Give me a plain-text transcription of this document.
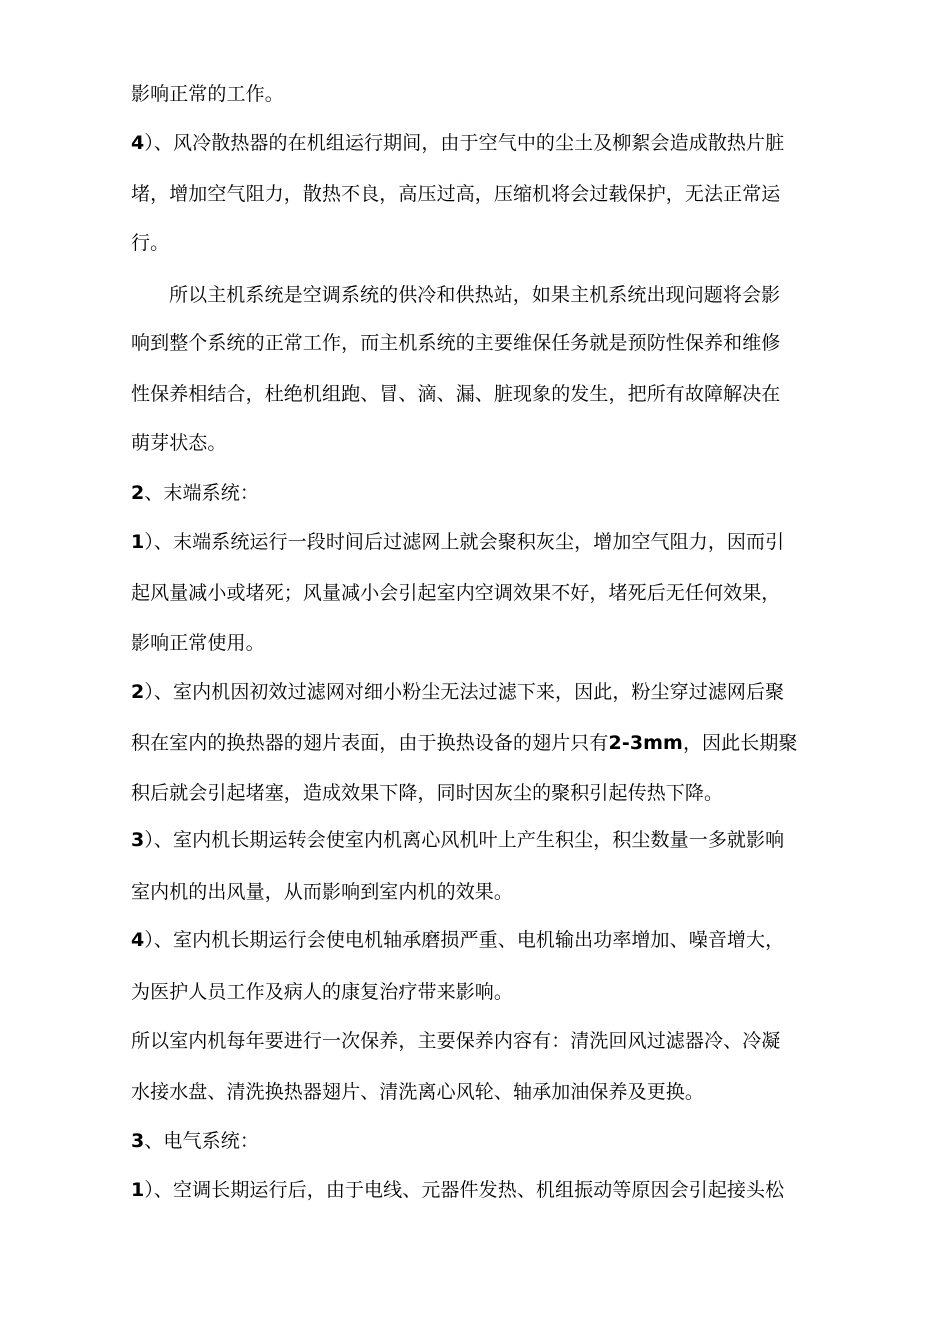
影响正常的工作。
4）、风冷散热器的在机组运行期间，由于空气中的尘土及柳絮会造成散热片脏
堵，增加空气阻力，散热不良，高压过高，压缩机将会过载保护，无法正常运
行。
所以主机系统是空调系统的供冷和供热站，如果主机系统出现问题将会影
响到整个系统的正常工作，而主机系统的主要维保任务就是预防性保养和维修
性保养相结合，杜绝机组跑、冒、滴、漏、脏现象的发生，把所有故障解决在
萌芽状态。
2、末端系统：
1）、末端系统运行一段时间后过滤网上就会聚积灰尘，增加空气阻力，因而引
起风量减小或堵死；风量减小会引起室内空调效果不好，堵死后无任何效果，
影响正常使用。
2）、室内机因初效过滤网对细小粉尘无法过滤下来，因此，粉尘穿过滤网后聚
积在室内的换热器的翅片表面，由于换热设备的翅片只有2-3mm，因此长期聚
积后就会引起堵塞，造成效果下降，同时因灰尘的聚积引起传热下降。
3）、室内机长期运转会使室内机离心风机叶上产生积尘，积尘数量一多就影响
室内机的出风量，从而影响到室内机的效果。
4）、室内机长期运行会使电机轴承磨损严重、电机输出功率增加、噪音增大，
为医护人员工作及病人的康复治疗带来影响。
所以室内机每年要进行一次保养，主要保养内容有：清洗回风过滤器冷、冷凝
水接水盘、清洗换热器翅片、清洗离心风轮、轴承加油保养及更换。
3、电气系统：
1）、空调长期运行后，由于电线、元器件发热、机组振动等原因会引起接头松
